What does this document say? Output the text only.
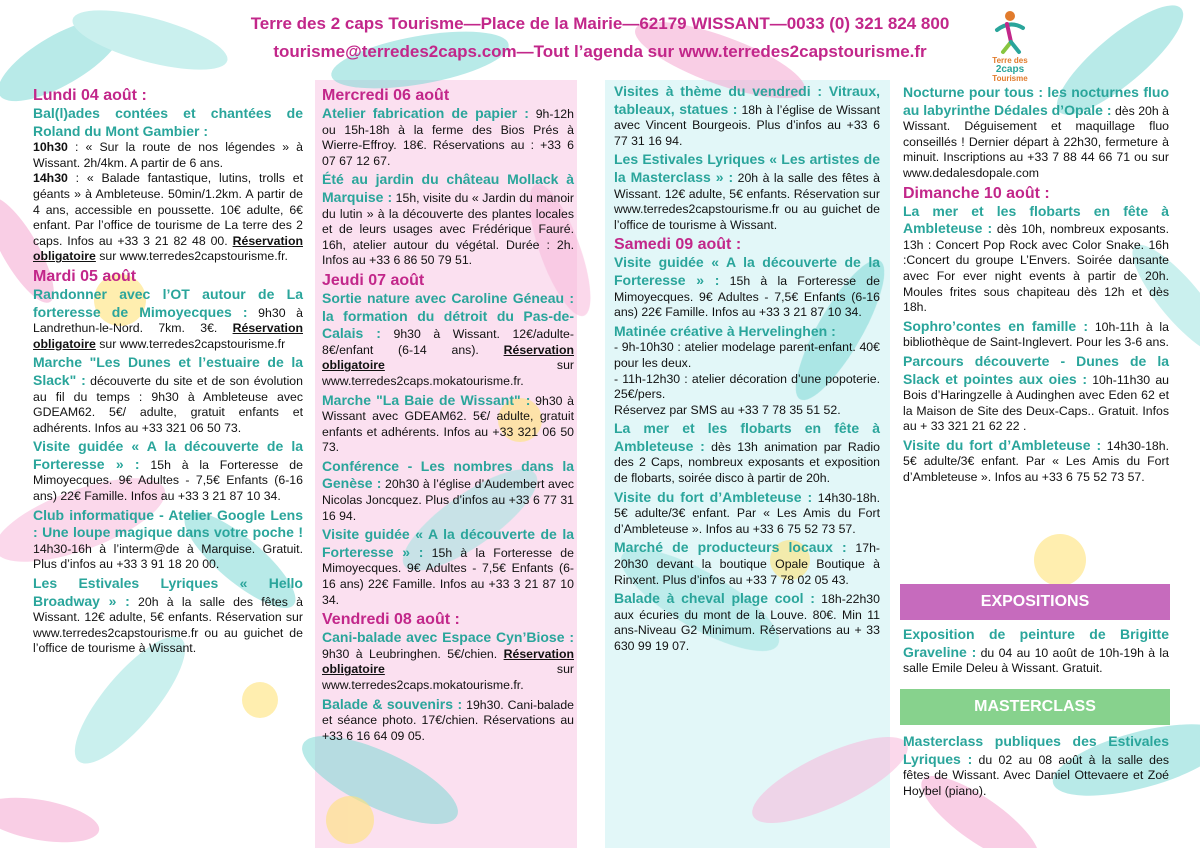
Terre des 2 caps Tourisme—Place de la Mairie—62179 WISSANT—0033 (0) 321 824 800
tourisme@terredes2caps.com—Tout l’agenda sur www.terredes2capstourisme.fr	Terre des
2caps
Tourisme
Lundi 04 août :
Bal(l)ades contées et chantées de Roland du Mont Gambier :
10h30 : « Sur la route de nos légendes » à Wissant. 2h/4km. A partir de 6 ans.
14h30 : « Balade fantastique, lutins, trolls et géants » à Ambleteuse. 50min/1.2km. A partir de 4 ans, accessible en poussette. 10€ adulte, 6€ enfant. Par l’office de tourisme de La terre des 2 caps. Infos au +33 3 21 82 48 00. Réservation obligatoire sur www.terredes2capstourisme.fr.
Mardi 05 août
Randonner avec l’OT autour de La forteresse de Mimoyecques : 9h30 à Landrethun-le-Nord. 7km. 3€. Réservation obligatoire sur www.terredes2capstourisme.fr
Marche "Les Dunes et l’estuaire de la Slack" : découverte du site et de son évolution au fil du temps : 9h30 à Ambleteuse avec GDEAM62. 5€/ adulte, gratuit enfants et adhérents. Infos au +33 321 06 50 73.
Visite guidée « A la découverte de la Forteresse » : 15h à la Forteresse de Mimoyecques. 9€ Adultes - 7,5€ Enfants (6-16 ans) 22€ Famille. Infos au +33 3 21 87 10 34.
Club informatique - Atelier Google Lens : Une loupe magique dans votre poche ! 14h30-16h à l’interm@de à Marquise. Gratuit. Plus d’infos au +33 3 91 18 20 00.
Les Estivales Lyriques « Hello Broadway » : 20h à la salle des fêtes à Wissant. 12€ adulte, 5€ enfants. Réservation sur www.terredes2capstourisme.fr ou au guichet de l’office de tourisme à Wissant.
Mercredi 06 août
Atelier fabrication de papier : 9h-12h ou 15h-18h à la ferme des Bios Prés à Wierre-Effroy. 18€. Réservations au : +33 6 07 67 12 67.
Été au jardin du château Mollack à Marquise : 15h, visite du « Jardin du manoir du lutin » à la découverte des plantes locales et de leurs usages avec Frédérique Fauré. 16h, atelier autour du végétal. Durée : 2h. Infos au +33 6 86 50 79 51.
Jeudi 07 août
Sortie nature avec Caroline Géneau : la formation du détroit du Pas-de-Calais : 9h30 à Wissant. 12€/adulte-8€/enfant (6-14 ans). Réservation obligatoire sur www.terredes2caps.mokatourisme.fr.
Marche "La Baie de Wissant" : 9h30 à Wissant avec GDEAM62. 5€/ adulte, gratuit enfants et adhérents. Infos au +33 321 06 50 73.
Conférence - Les nombres dans la Genèse : 20h30 à l’église d’Audembert avec Nicolas Joncquez. Plus d’infos au +33 6 77 31 16 94.
Visite guidée « A la découverte de la Forteresse » : 15h à la Forteresse de Mimoyecques. 9€ Adultes - 7,5€ Enfants (6-16 ans) 22€ Famille. Infos au +33 3 21 87 10 34.
Vendredi 08 août :
Cani-balade avec Espace Cyn’Biose : 9h30 à Leubringhen. 5€/chien. Réservation obligatoire sur www.terredes2caps.mokatourisme.fr.
Balade & souvenirs : 19h30. Cani-balade et séance photo. 17€/chien. Réservations au +33 6 16 64 09 05.
Visites à thème du vendredi : Vitraux, tableaux, statues : 18h à l’église de Wissant avec Vincent Bourgeois. Plus d’infos au +33 6 77 31 16 94.
Les Estivales Lyriques « Les artistes de la Masterclass » : 20h à la salle des fêtes à Wissant. 12€ adulte, 5€ enfants. Réservation sur www.terredes2capstourisme.fr ou au guichet de l’office de tourisme à Wissant.
Samedi 09 août :
Visite guidée « A la découverte de la Forteresse » : 15h à la Forteresse de Mimoyecques. 9€ Adultes - 7,5€ Enfants (6-16 ans) 22€ Famille. Infos au +33 3 21 87 10 34.
Matinée créative à Hervelinghen :
- 9h-10h30 : atelier modelage parent-enfant. 40€ pour les deux.
- 11h-12h30 : atelier décoration d’une popoterie. 25€/pers.
Réservez par SMS au +33 7 78 35 51 52.
La mer et les flobarts en fête à Ambleteuse : dès 13h animation par Radio des 2 Caps, nombreux exposants et exposition de flobarts, soirée disco à partir de 20h.
Visite du fort d’Ambleteuse : 14h30-18h. 5€ adulte/3€ enfant. Par « Les Amis du Fort d’Ambleteuse ». Infos au +33 6 75 52 73 57.
Marché de producteurs locaux : 17h-20h30 devant la boutique Opale Boutique à Rinxent. Plus d’infos au +33 7 78 02 05 43.
Balade à cheval plage cool : 18h-22h30 aux écuries du mont de la Louve. 80€. Min 11 ans-Niveau G2 Minimum. Réservations au + 33 630 99 19 07.
Nocturne pour tous : les nocturnes fluo au labyrinthe Dédales d’Opale : dès 20h à Wissant. Déguisement et maquillage fluo conseillés ! Dernier départ à 22h30, fermeture à minuit. Inscriptions au +33 7 88 44 66 71 ou sur www.dedalesdopale.com
Dimanche 10 août :
La mer et les flobarts en fête à Ambleteuse : dès 10h, nombreux exposants. 13h : Concert Pop Rock avec Color Snake. 16h :Concert du groupe L’Envers. Soirée dansante avec For ever night events à partir de 20h. Moules frites sous chapiteau dès 12h et dès 18h.
Sophro’contes en famille : 10h-11h à la bibliothèque de Saint-Inglevert. Pour les 3-6 ans.
Parcours découverte - Dunes de la Slack et pointes aux oies : 10h-11h30 au Bois d’Haringzelle à Audinghen avec Eden 62 et la Maison de Site des Deux-Caps.. Gratuit. Infos au + 33 321 21 62 22 .
Visite du fort d’Ambleteuse : 14h30-18h. 5€ adulte/3€ enfant. Par « Les Amis du Fort d’Ambleteuse ». Infos au +33 6 75 52 73 57.
EXPOSITIONS
Exposition de peinture de Brigitte Graveline : du 04 au 10 août de 10h-19h à la salle Emile Deleu à Wissant. Gratuit.
MASTERCLASS
Masterclass publiques des Estivales Lyriques : du 02 au 08 août à la salle des fêtes de Wissant. Avec Daniel Ottevaere et Zoé Hoybel (piano).
